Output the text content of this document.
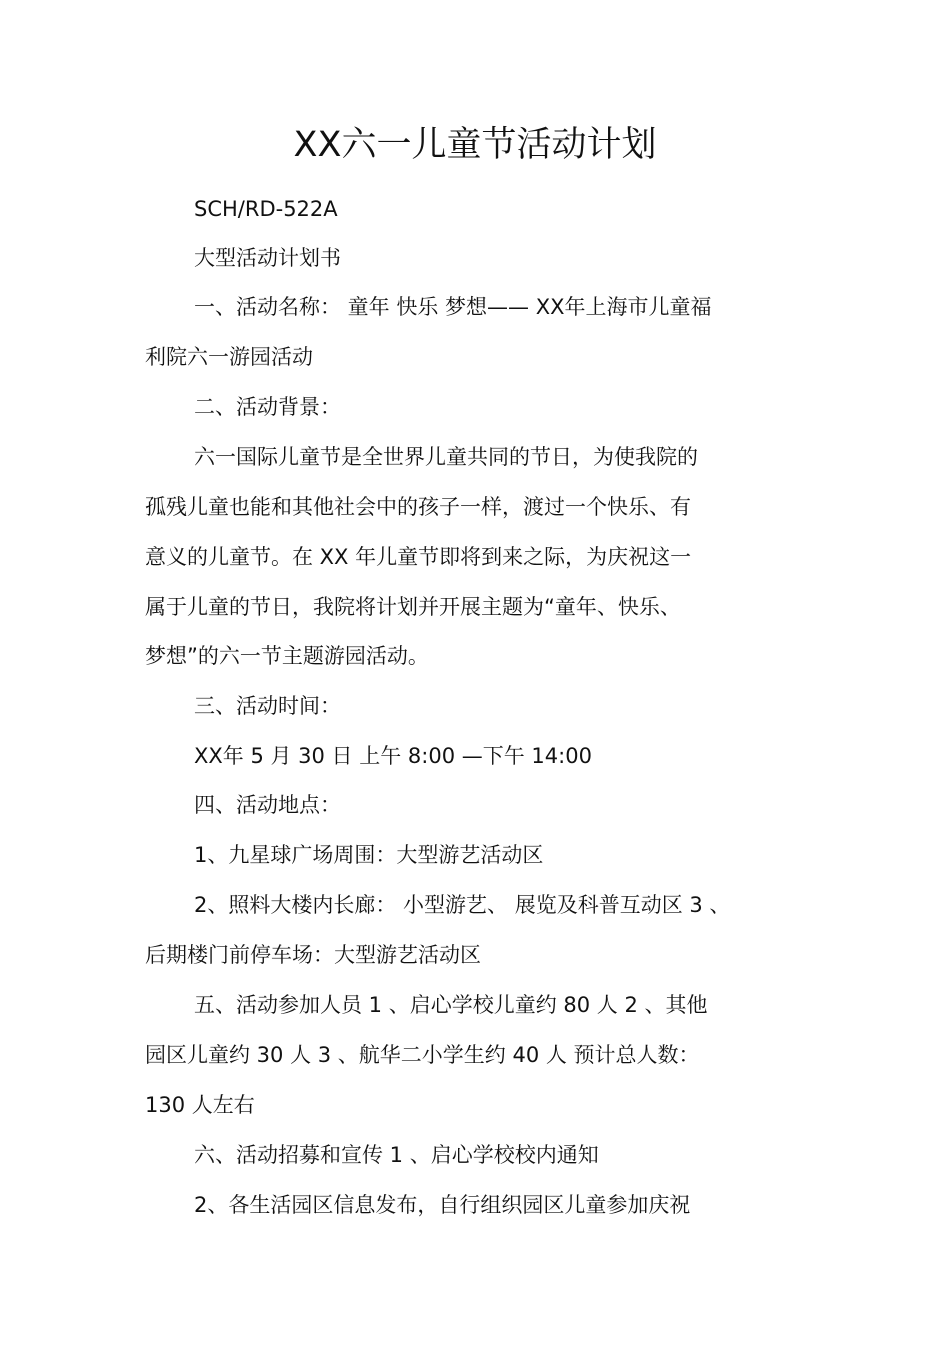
XX六一儿童节活动计划
SCH/RD-522A
大型活动计划书
一、活动名称： 童年 快乐 梦想—— XX年上海市儿童福
利院六一游园活动
二、活动背景：
六一国际儿童节是全世界儿童共同的节日，为使我院的
孤残儿童也能和其他社会中的孩子一样，渡过一个快乐、有
意义的儿童节。在 XX 年儿童节即将到来之际，为庆祝这一
属于儿童的节日，我院将计划并开展主题为“童年、快乐、
梦想”的六一节主题游园活动。
三、活动时间：
XX年 5 月 30 日 上午 8:00 —下午 14:00
四、活动地点：
1、九星球广场周围：大型游艺活动区
2、照料大楼内长廊： 小型游艺、 展览及科普互动区 3 、
后期楼门前停车场：大型游艺活动区
五、活动参加人员 1 、启心学校儿童约 80 人 2 、其他
园区儿童约 30 人 3 、航华二小学生约 40 人 预计总人数：
130 人左右
六、活动招募和宣传 1 、启心学校校内通知
2、各生活园区信息发布，自行组织园区儿童参加庆祝
